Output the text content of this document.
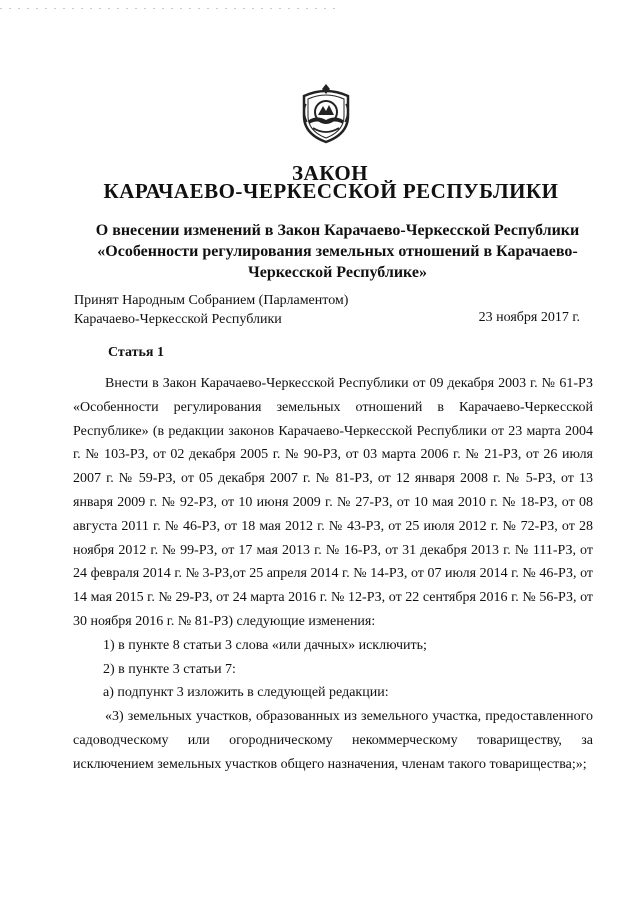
ЗАКОН
КАРАЧАЕВО-ЧЕРКЕССКОЙ РЕСПУБЛИКИ
О внесении изменений в Закон Карачаево-Черкесской Республики «Особенности регулирования земельных отношений в Карачаево-Черкесской Республике»
Принят Народным Собранием (Парламентом)
Карачаево-Черкесской Республики	23 ноября 2017 г.
Статья 1

Внести в Закон Карачаево-Черкесской Республики от 09 декабря 2003 г. № 61-РЗ «Особенности регулирования земельных отношений в Карачаево-Черкесской Республике» (в редакции законов Карачаево-Черкесской Республики от 23 марта 2004 г. № 103-РЗ, от 02 декабря 2005 г. № 90-РЗ, от 03 марта 2006 г. № 21-РЗ, от 26 июля 2007 г. № 59-РЗ, от 05 декабря 2007 г. № 81-РЗ, от 12 января 2008 г. № 5-РЗ, от 13 января 2009 г. № 92-РЗ, от 10 июня 2009 г. № 27-РЗ, от 10 мая 2010 г. № 18-РЗ, от 08 августа 2011 г. № 46-РЗ, от 18 мая 2012 г. № 43-РЗ, от 25 июля 2012 г. № 72-РЗ, от 28 ноября 2012 г. № 99-РЗ, от 17 мая 2013 г. № 16-РЗ, от 31 декабря 2013 г. № 111-РЗ, от 24 февраля 2014 г. № 3-РЗ,от 25 апреля 2014 г. № 14-РЗ, от 07 июля 2014 г. № 46-РЗ, от 14 мая 2015 г. № 29-РЗ, от 24 марта 2016 г. № 12-РЗ, от 22 сентября 2016 г. № 56-РЗ, от 30 ноября 2016 г. № 81-РЗ) следующие изменения:

1) в пункте 8 статьи 3 слова «или дачных» исключить;

2) в пункте 3 статьи 7:

а) подпункт 3 изложить в следующей редакции:

«3) земельных участков, образованных из земельного участка, предоставленного садоводческому или огородническому некоммерческому товариществу, за исключением земельных участков общего назначения, членам такого товарищества;»;
